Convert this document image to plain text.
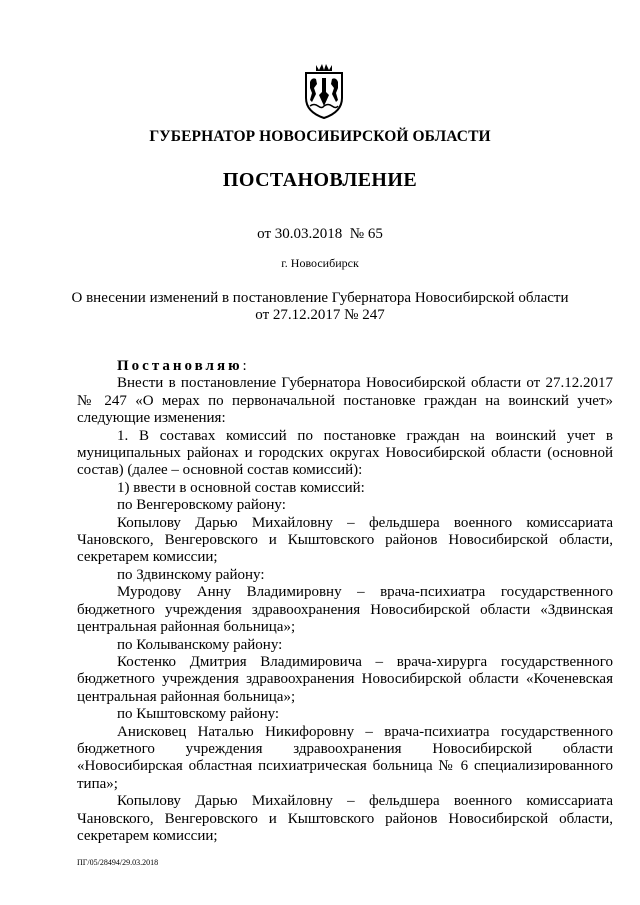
ГУБЕРНАТОР НОВОСИБИРСКОЙ ОБЛАСТИ
ПОСТАНОВЛЕНИЕ
от 30.03.2018  № 65
г. Новосибирск
О внесении изменений в постановление Губернатора Новосибирской области
от 27.12.2017 № 247

Постановляю:

Внести в постановление Губернатора Новосибирской области от 27.12.2017 № 247 «О мерах по первоначальной постановке граждан на воинский учет» следующие изменения:

1. В составах комиссий по постановке граждан на воинский учет в муниципальных районах и городских округах Новосибирской области (основной состав) (далее – основной состав комиссий):

1) ввести в основной состав комиссий:

по Венгеровскому району:

Копылову Дарью Михайловну – фельдшера военного комиссариата Чановского, Венгеровского и Кыштовского районов Новосибирской области, секретарем комиссии;

по Здвинскому району:

Муродову Анну Владимировну – врача-психиатра государственного бюджетного учреждения здравоохранения Новосибирской области «Здвинская центральная районная больница»;

по Колыванскому району:

Костенко Дмитрия Владимировича – врача-хирурга государственного бюджетного учреждения здравоохранения Новосибирской области «Коченевская центральная районная больница»;

по Кыштовскому району:

Анисковец Наталью Никифоровну – врача-психиатра государственного бюджетного учреждения здравоохранения Новосибирской области «Новосибирская областная психиатрическая больница № 6 специализированного типа»;

Копылову Дарью Михайловну – фельдшера военного комиссариата Чановского, Венгеровского и Кыштовского районов Новосибирской области, секретарем комиссии;

ПГ/05/28494/29.03.2018
